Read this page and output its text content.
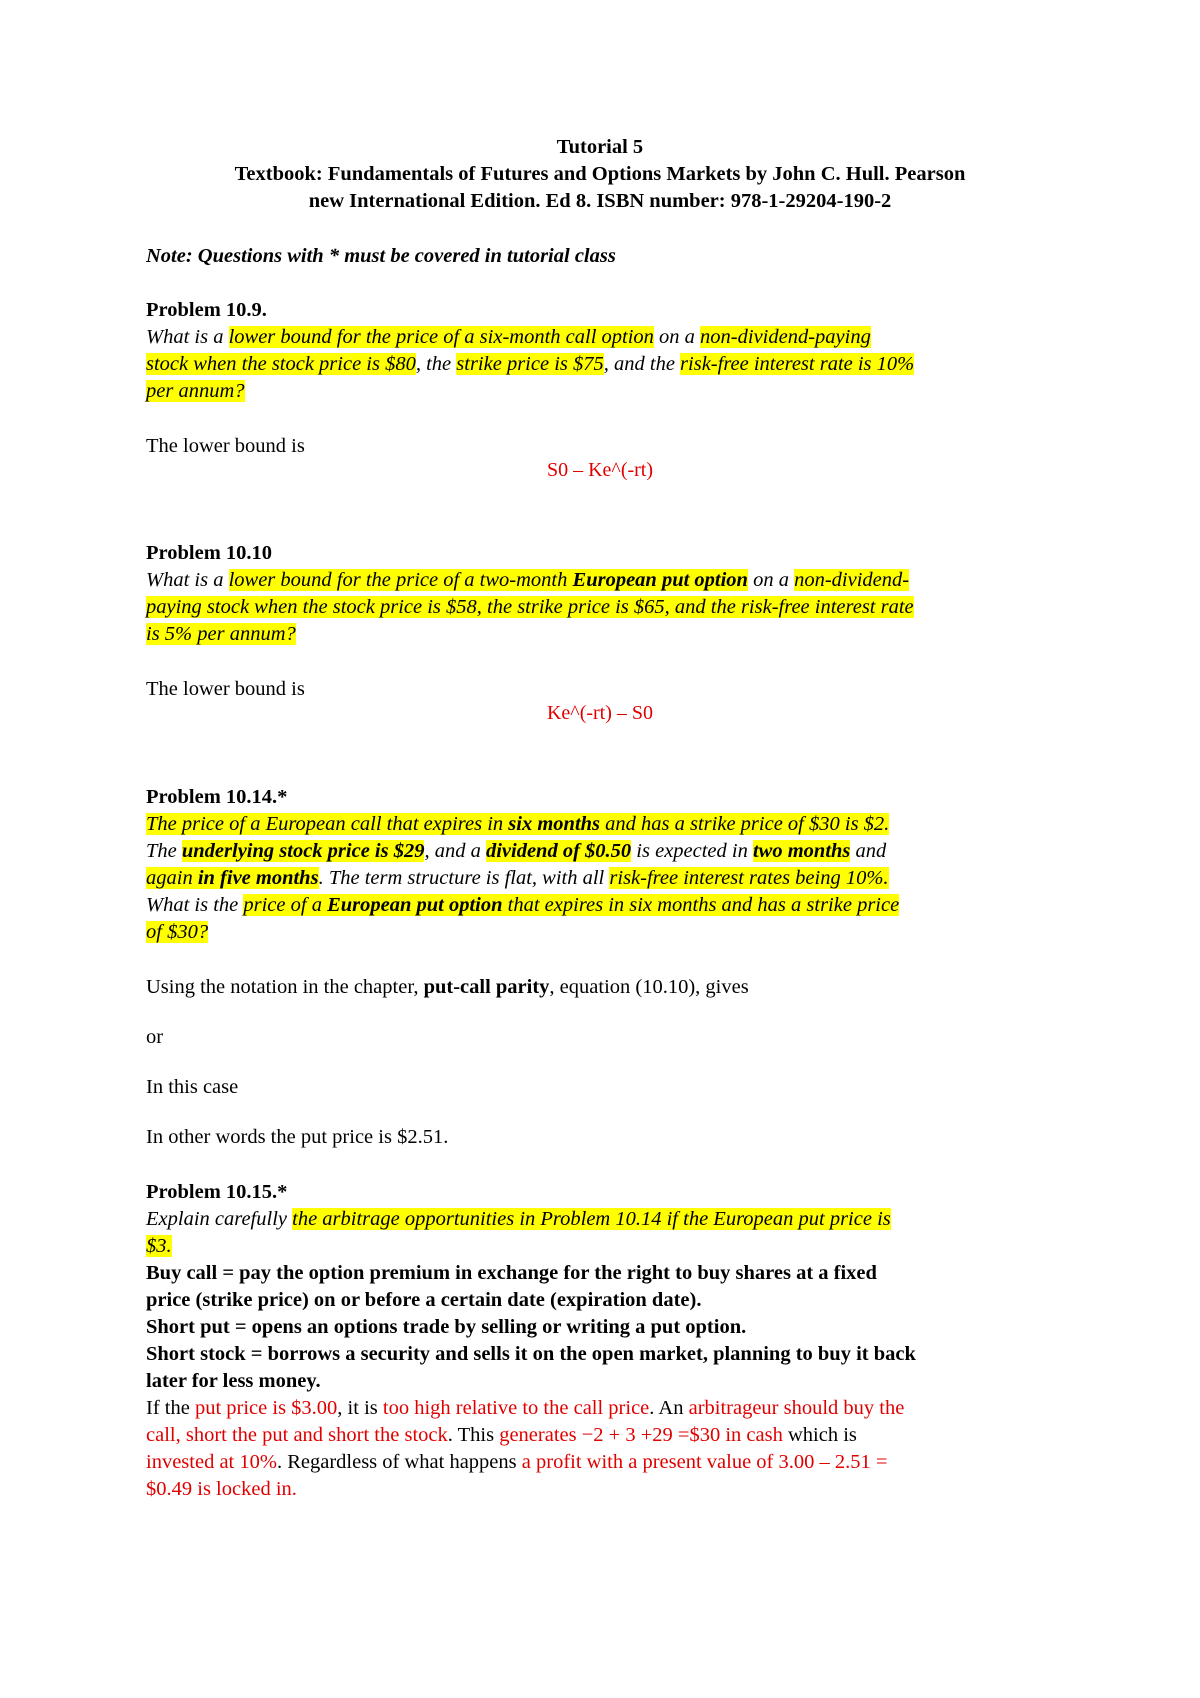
Tutorial 5
Textbook: Fundamentals of Futures and Options Markets by John C. Hull. Pearson
new International Edition. Ed 8. ISBN number: 978-1-29204-190-2
Note: Questions with * must be covered in tutorial class
Problem 10.9.
What is a lower bound for the price of a six-month call option on a non-dividend-paying
stock when the stock price is $80, the strike price is $75, and the risk-free interest rate is 10%
per annum?
The lower bound is
S0 – Ke^(-rt)
Problem 10.10
What is a lower bound for the price of a two-month European put option on a non-dividend-
paying stock when the stock price is $58, the strike price is $65, and the risk-free interest rate
is 5% per annum?
The lower bound is
Ke^(-rt) – S0
Problem 10.14.*
The price of a European call that expires in six months and has a strike price of $30 is $2.
The underlying stock price is $29, and a dividend of $0.50 is expected in two months and
again in five months. The term structure is flat, with all risk-free interest rates being 10%.
What is the price of a European put option that expires in six months and has a strike price
of $30?
Using the notation in the chapter, put-call parity, equation (10.10), gives
or
In this case
In other words the put price is $2.51.
Problem 10.15.*
Explain carefully the arbitrage opportunities in Problem 10.14 if the European put price is
$3.
Buy call = pay the option premium in exchange for the right to buy shares at a fixed
price (strike price) on or before a certain date (expiration date).
Short put = opens an options trade by selling or writing a put option.
Short stock = borrows a security and sells it on the open market, planning to buy it back
later for less money.
If the put price is $3.00, it is too high relative to the call price. An arbitrageur should buy the
call, short the put and short the stock. This generates −2 + 3 +29 =$30 in cash which is
invested at 10%. Regardless of what happens a profit with a present value of 3.00 – 2.51 =
$0.49 is locked in.
